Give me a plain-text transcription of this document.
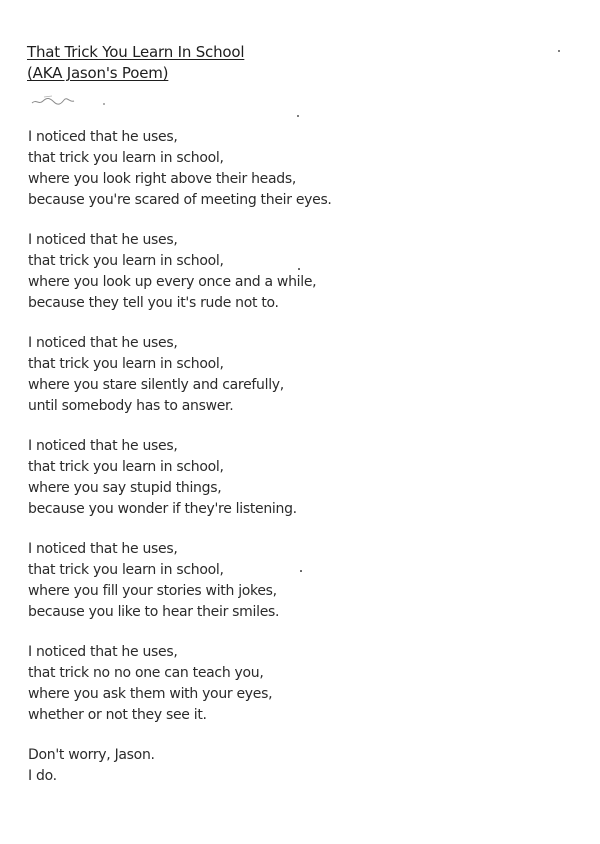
That Trick You Learn In School
(AKA Jason's Poem)
I noticed that he uses,
that trick you learn in school,
where you look right above their heads,
because you're scared of meeting their eyes.
I noticed that he uses,
that trick you learn in school,
where you look up every once and a while,
because they tell you it's rude not to.
I noticed that he uses,
that trick you learn in school,
where you stare silently and carefully,
until somebody has to answer.
I noticed that he uses,
that trick you learn in school,
where you say stupid things,
because you wonder if they're listening.
I noticed that he uses,
that trick you learn in school,
where you fill your stories with jokes,
because you like to hear their smiles.
I noticed that he uses,
that trick no no one can teach you,
where you ask them with your eyes,
whether or not they see it.
Don't worry, Jason.
I do.
